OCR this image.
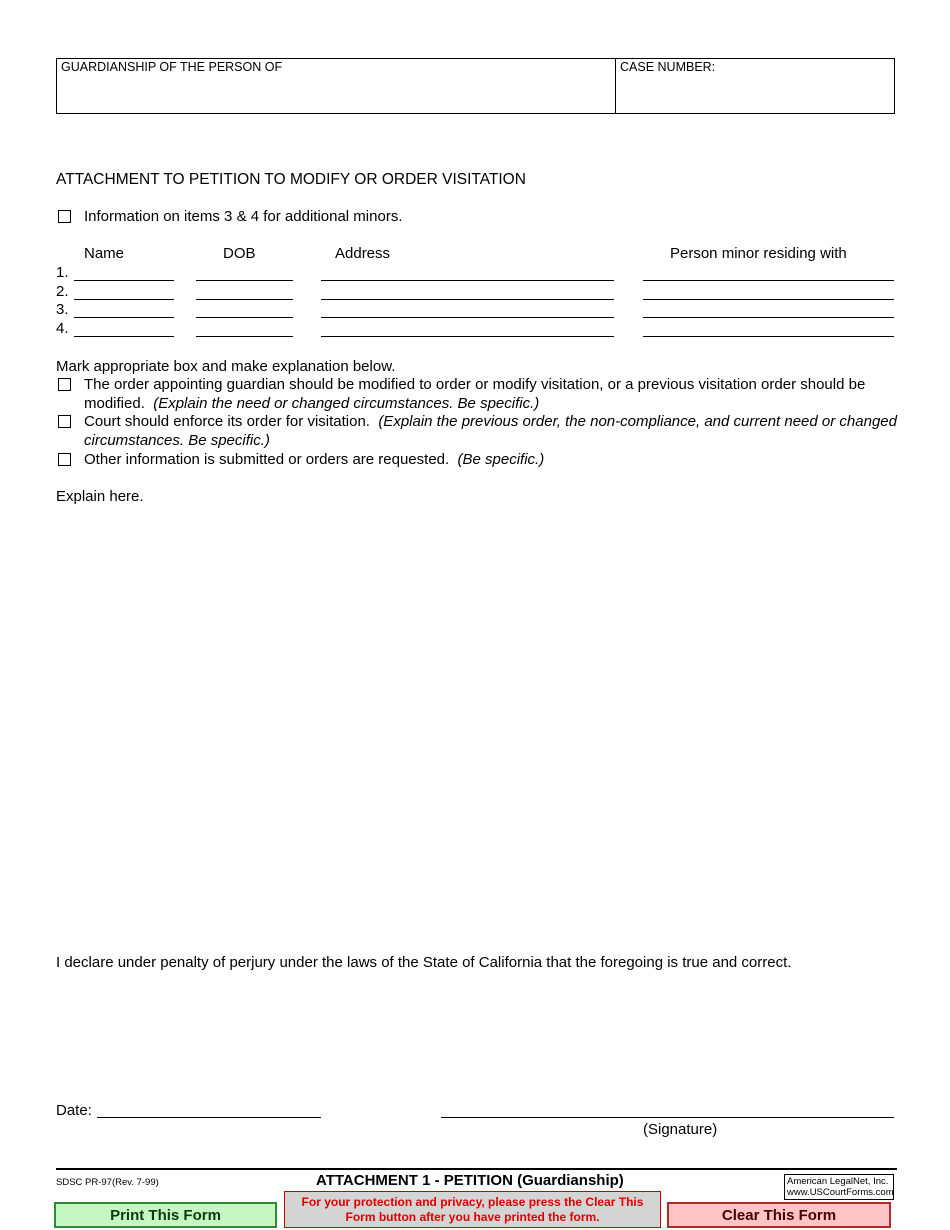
GUARDIANSHIP OF THE PERSON OF	CASE NUMBER:
ATTACHMENT TO PETITION TO MODIFY OR ORDER VISITATION
Information on items 3 & 4 for additional minors.
Name	DOB	Address	Person minor residing with
1.
2.
3.
4.
Mark appropriate box and make explanation below.
The order appointing guardian should be modified to order or modify visitation, or a previous visitation order should be
modified. (Explain the need or changed circumstances. Be specific.)
Court should enforce its order for visitation. (Explain the previous order, the non-compliance, and current need or changed
circumstances. Be specific.)
Other information is submitted or orders are requested. (Be specific.)
Explain here.
I declare under penalty of perjury under the laws of the State of California that the foregoing is true and correct.
Date:
(Signature)
SDSC PR-97(Rev. 7-99)	ATTACHMENT 1 - PETITION (Guardianship)	American LegalNet, Inc.
www.USCourtForms.com
Print This Form
For your protection and privacy, please press the Clear This Form button after you have printed the form.	Clear This Form
